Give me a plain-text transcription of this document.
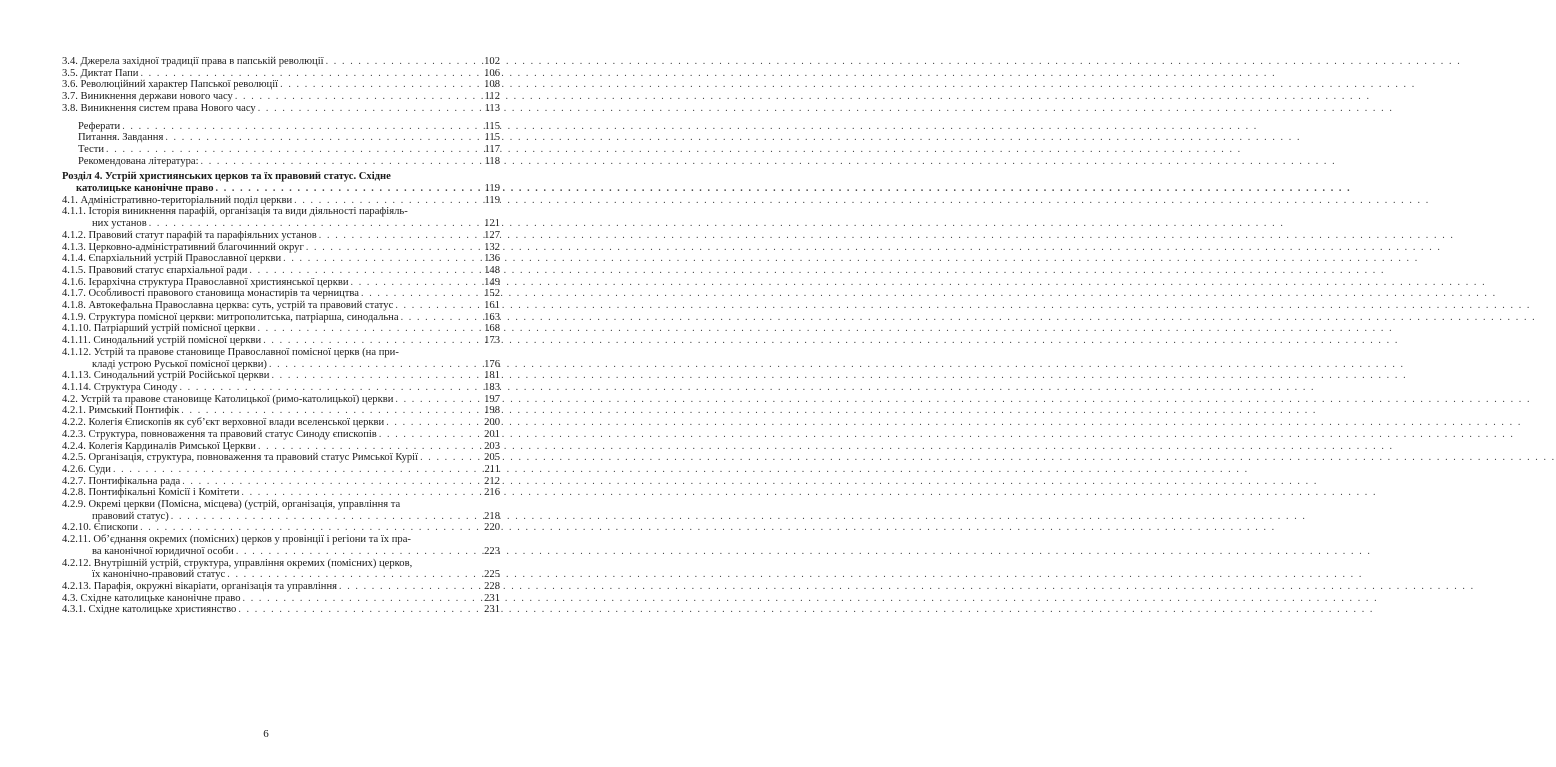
3.4. Джерела західної традиції права в папській революції . . .	102
3.5. Диктат Папи . . .	106
3.6. Революційний характер Папської революції . . .	108
3.7. Виникнення держави нового часу . . .	112
3.8. Виникнення систем права Нового часу . . .	113
Реферати . . .	115
Питання. Завдання . . .	115
Тести . . .	117
Рекомендована література: . . .	118
Розділ 4. Устрій християнських церков та їх правовий статус. Східне
католицьке канонічне право . . .	119
4.1. Адміністративно-територіальний поділ церкви . . .	119
4.1.1. Історія виникнення парафій, організація та види діяльності парафіяль-
них установ . . .	121
4.1.2. Правовий статут парафій та парафіяльних установ . . .	127
4.1.3. Церковно-адміністративний благочинний округ . . .	132
4.1.4. Єпархіальний устрій Православної церкви . . .	136
4.1.5. Правовий статус єпархіальної ради . . .	148
4.1.6. Ієрархічна структура Православної християнської церкви . . .	149
4.1.7. Особливості правового становища монастирів та черництва . . .	152
4.1.8. Автокефальна Православна церква: суть, устрій та правовий статус . . .	161
4.1.9. Структура помісної церкви: митрополитська, патріарша, синодальна . . .	163
4.1.10. Патріарший устрій помісної церкви . . .	168
4.1.11. Синодальний устрій помісної церкви . . .	173
4.1.12. Устрій та правове становище Православної помісної церкв (на при-
кладі устрою Руської помісної церкви) . . .	176
4.1.13. Синодальний устрій Російської церкви . . .	181
4.1.14. Структура Синоду . . .	183
4.2. Устрій та правове становище Католицької (римо-католицької) церкви . . .	197
4.2.1. Римський Понтифік . . .	198
4.2.2. Колегія Єпископів як суб’єкт верховної влади вселенської церкви . . .	200
4.2.3. Структура, повноваження та правовий статус Синоду єпископів . . .	201
4.2.4. Колегія Кардиналів Римської Церкви . . .	203
4.2.5. Організація, структура, повноваження та правовий статус Римської Курії . . .	205
4.2.6. Суди . . .	211
4.2.7. Понтифікальна рада . . .	212
4.2.8. Понтифікальні Комісії і Комітети . . .	216
4.2.9. Окремі церкви (Помісна, місцева) (устрій, організація, управління та
правовий статус) . . .	218
4.2.10. Єпископи . . .	220
4.2.11. Об’єднання окремих (помісних) церков у провінції і регіони та їх пра-
ва канонічної юридичної особи . . .	223
4.2.12. Внутрішній устрій, структура, управління окремих (помісних) церков,
їх канонічно-правовий статус . . .	225
4.2.13. Парафія, окружні вікаріати, організація та управління . . .	228
4.3. Східне католицьке канонічне право . . .	231
4.3.1. Східне католицьке християнство . . .	231
6
